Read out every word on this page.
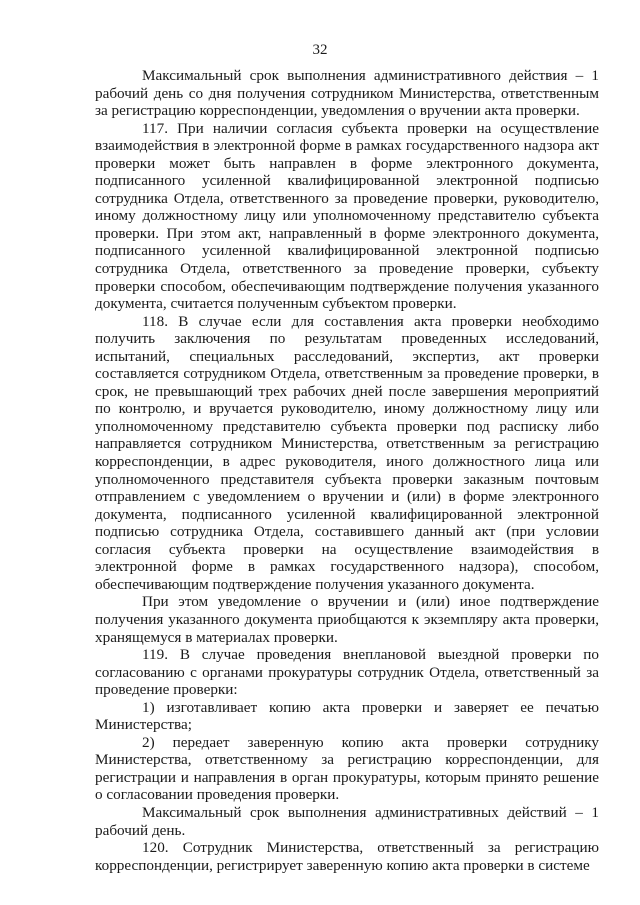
32

Максимальный срок выполнения административного действия – 1 рабочий день со дня получения сотрудником Министерства, ответственным за регистрацию корреспонденции, уведомления о вручении акта проверки.

117. При наличии согласия субъекта проверки на осуществление взаимодействия в электронной форме в рамках государственного надзора акт проверки может быть направлен в форме электронного документа, подписанного усиленной квалифицированной электронной подписью сотрудника Отдела, ответственного за проведение проверки, руководителю, иному должностному лицу или уполномоченному представителю субъекта проверки. При этом акт, направленный в форме электронного документа, подписанного усиленной квалифицированной электронной подписью сотрудника Отдела, ответственного за проведение проверки, субъекту проверки способом, обеспечивающим подтверждение получения указанного документа, считается полученным субъектом проверки.

118. В случае если для составления акта проверки необходимо получить заключения по результатам проведенных исследований, испытаний, специальных расследований, экспертиз, акт проверки составляется сотрудником Отдела, ответственным за проведение проверки, в срок, не превышающий трех рабочих дней после завершения мероприятий по контролю, и вручается руководителю, иному должностному лицу или уполномоченному представителю субъекта проверки под расписку либо направляется сотрудником Министерства, ответственным за регистрацию корреспонденции, в адрес руководителя, иного должностного лица или уполномоченного представителя субъекта проверки заказным почтовым отправлением с уведомлением о вручении и (или) в форме электронного документа, подписанного усиленной квалифицированной электронной подписью сотрудника Отдела, составившего данный акт (при условии согласия субъекта проверки на осуществление взаимодействия в электронной форме в рамках государственного надзора), способом, обеспечивающим подтверждение получения указанного документа.

При этом уведомление о вручении и (или) иное подтверждение получения указанного документа приобщаются к экземпляру акта проверки, хранящемуся в материалах проверки.

119. В случае проведения внеплановой выездной проверки по согласованию с органами прокуратуры сотрудник Отдела, ответственный за проведение проверки:

1) изготавливает копию акта проверки и заверяет ее печатью Министерства;

2) передает заверенную копию акта проверки сотруднику Министерства, ответственному за регистрацию корреспонденции, для регистрации и направления в орган прокуратуры, которым принято решение о согласовании проведения проверки.

Максимальный срок выполнения административных действий – 1 рабочий день.

120. Сотрудник Министерства, ответственный за регистрацию корреспонденции, регистрирует заверенную копию акта проверки в системе
